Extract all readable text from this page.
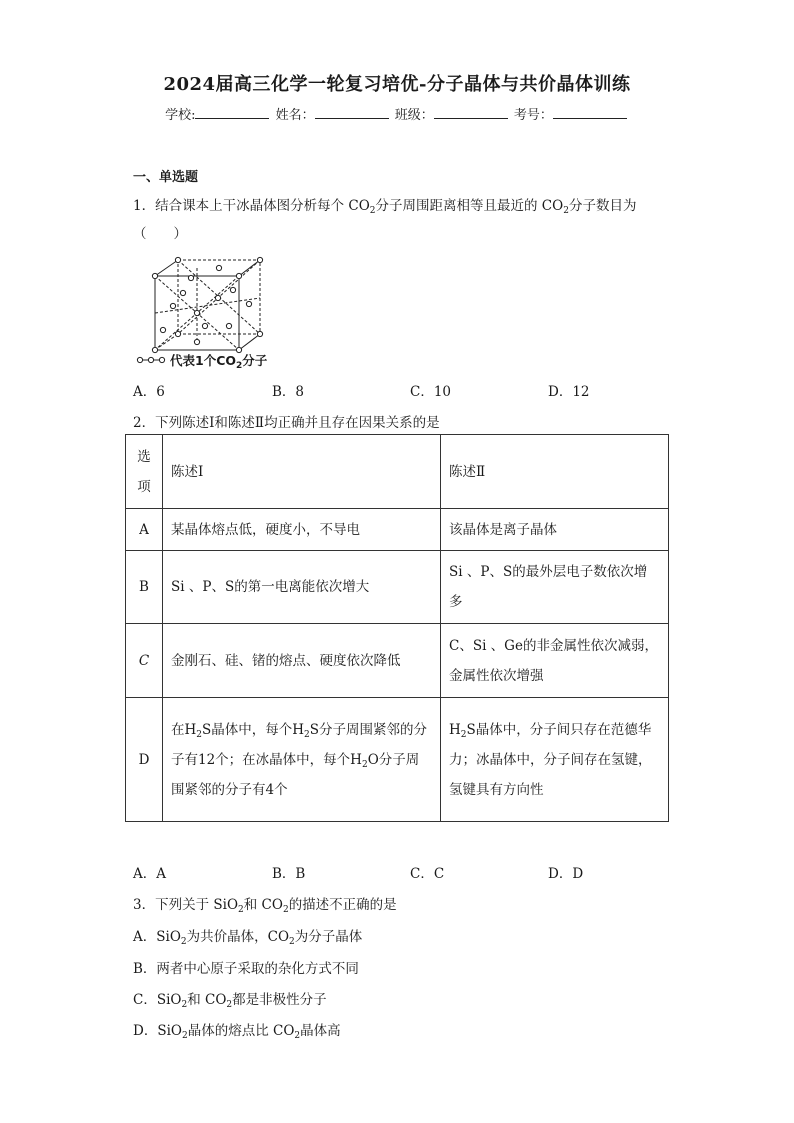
2024届高三化学一轮复习培优-分子晶体与共价晶体训练
学校:	姓名：	班级：	考号：
一、单选题
1．结合课本上干冰晶体图分析每个 $CO_2$分子周围距离相等且最近的 $CO_2$分子数目为
（　　）
代表1个$CO_2$分子
A．6	B．8	C．10	D．12
2．下列陈述Ⅰ和陈述Ⅱ均正确并且存在因果关系的是
选项	陈述Ⅰ	陈述Ⅱ
A	某晶体熔点低，硬度小，不导电	该晶体是离子晶体
B	Si 、P、S的第一电离能依次增大	Si 、P、S的最外层电子数依次增多
C	金刚石、硅、锗的熔点、硬度依次降低	C、Si 、Ge的非金属性依次减弱，金属性依次增强
D	在$H_2S$晶体中，每个$H_2S$分子周围紧邻的分子有12个；在冰晶体中，每个$H_2O$分子周围紧邻的分子有4个	$H_2S$晶体中，分子间只存在范德华力；冰晶体中，分子间存在氢键，氢键具有方向性
A．A	B．B	C．C	D．D
3．下列关于 SiO$_2$和 $CO_2$的描述不正确的是
A．SiO$_2$为共价晶体，$CO_2$为分子晶体
B．两者中心原子采取的杂化方式不同
C．SiO$_2$和 $CO_2$都是非极性分子
D．SiO$_2$晶体的熔点比 $CO_2$晶体高
